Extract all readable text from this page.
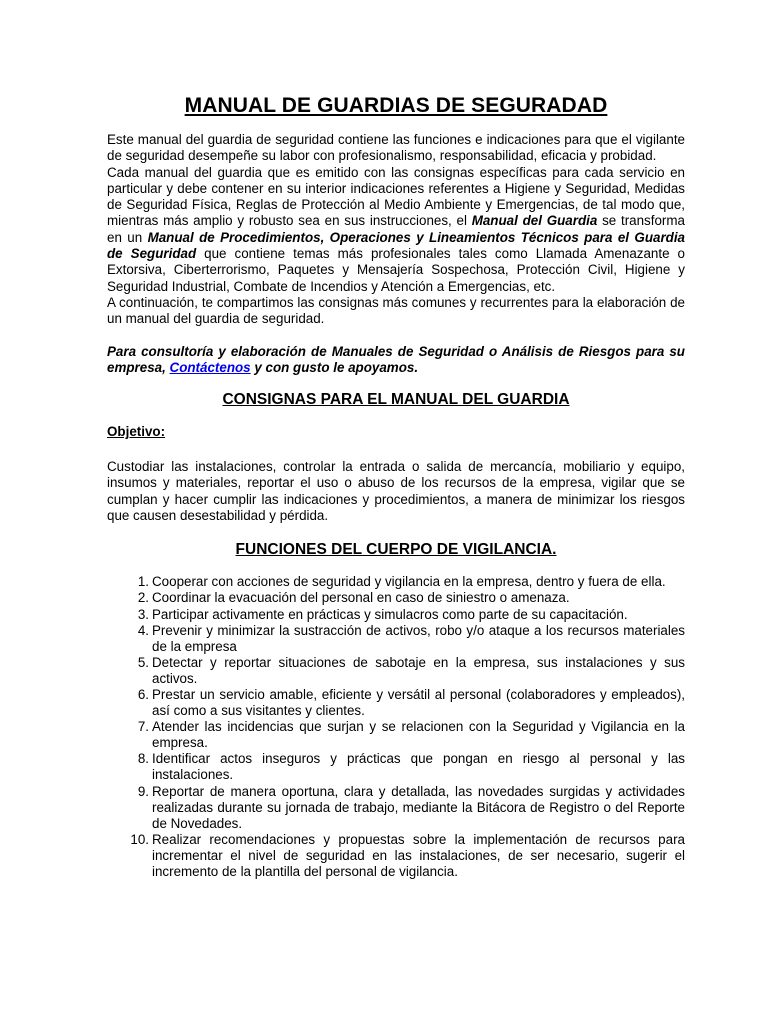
MANUAL DE GUARDIAS DE SEGURADAD

Este manual del guardia de seguridad contiene las funciones e indicaciones para que el vigilante de seguridad desempeñe su labor con profesionalismo, responsabilidad, eficacia y probidad.

Cada manual del guardia que es emitido con las consignas específicas para cada servicio en particular y debe contener en su interior indicaciones referentes a Higiene y Seguridad, Medidas de Seguridad Física, Reglas de Protección al Medio Ambiente y Emergencias, de tal modo que, mientras más amplio y robusto sea en sus instrucciones, el Manual del Guardia se transforma en un Manual de Procedimientos, Operaciones y Lineamientos Técnicos para el Guardia de Seguridad que contiene temas más profesionales tales como Llamada Amenazante o Extorsiva, Ciberterrorismo, Paquetes y Mensajería Sospechosa, Protección Civil, Higiene y Seguridad Industrial, Combate de Incendios y Atención a Emergencias, etc.

A continuación, te compartimos las consignas más comunes y recurrentes para la elaboración de un manual del guardia de seguridad.

Para consultoría y elaboración de Manuales de Seguridad o Análisis de Riesgos para su empresa, Contáctenos y con gusto le apoyamos.

CONSIGNAS PARA EL MANUAL DEL GUARDIA

Objetivo:

Custodiar las instalaciones, controlar la entrada o salida de mercancía, mobiliario y equipo, insumos y materiales, reportar el uso o abuso de los recursos de la empresa, vigilar que se cumplan y hacer cumplir las indicaciones y procedimientos, a manera de minimizar los riesgos que causen desestabilidad y pérdida.

FUNCIONES DEL CUERPO DE VIGILANCIA.
1. Cooperar con acciones de seguridad y vigilancia en la empresa, dentro y fuera de ella.
2. Coordinar la evacuación del personal en caso de siniestro o amenaza.
3. Participar activamente en prácticas y simulacros como parte de su capacitación.
4. Prevenir y minimizar la sustracción de activos, robo y/o ataque a los recursos materiales de la empresa
5. Detectar y reportar situaciones de sabotaje en la empresa, sus instalaciones y sus activos.
6. Prestar un servicio amable, eficiente y versátil al personal (colaboradores y empleados), así como a sus visitantes y clientes.
7. Atender las incidencias que surjan y se relacionen con la Seguridad y Vigilancia en la empresa.
8. Identificar actos inseguros y prácticas que pongan en riesgo al personal y las instalaciones.
9. Reportar de manera oportuna, clara y detallada, las novedades surgidas y actividades realizadas durante su jornada de trabajo, mediante la Bitácora de Registro o del Reporte de Novedades.
10. Realizar recomendaciones y propuestas sobre la implementación de recursos para incrementar el nivel de seguridad en las instalaciones, de ser necesario, sugerir el incremento de la plantilla del personal de vigilancia.
